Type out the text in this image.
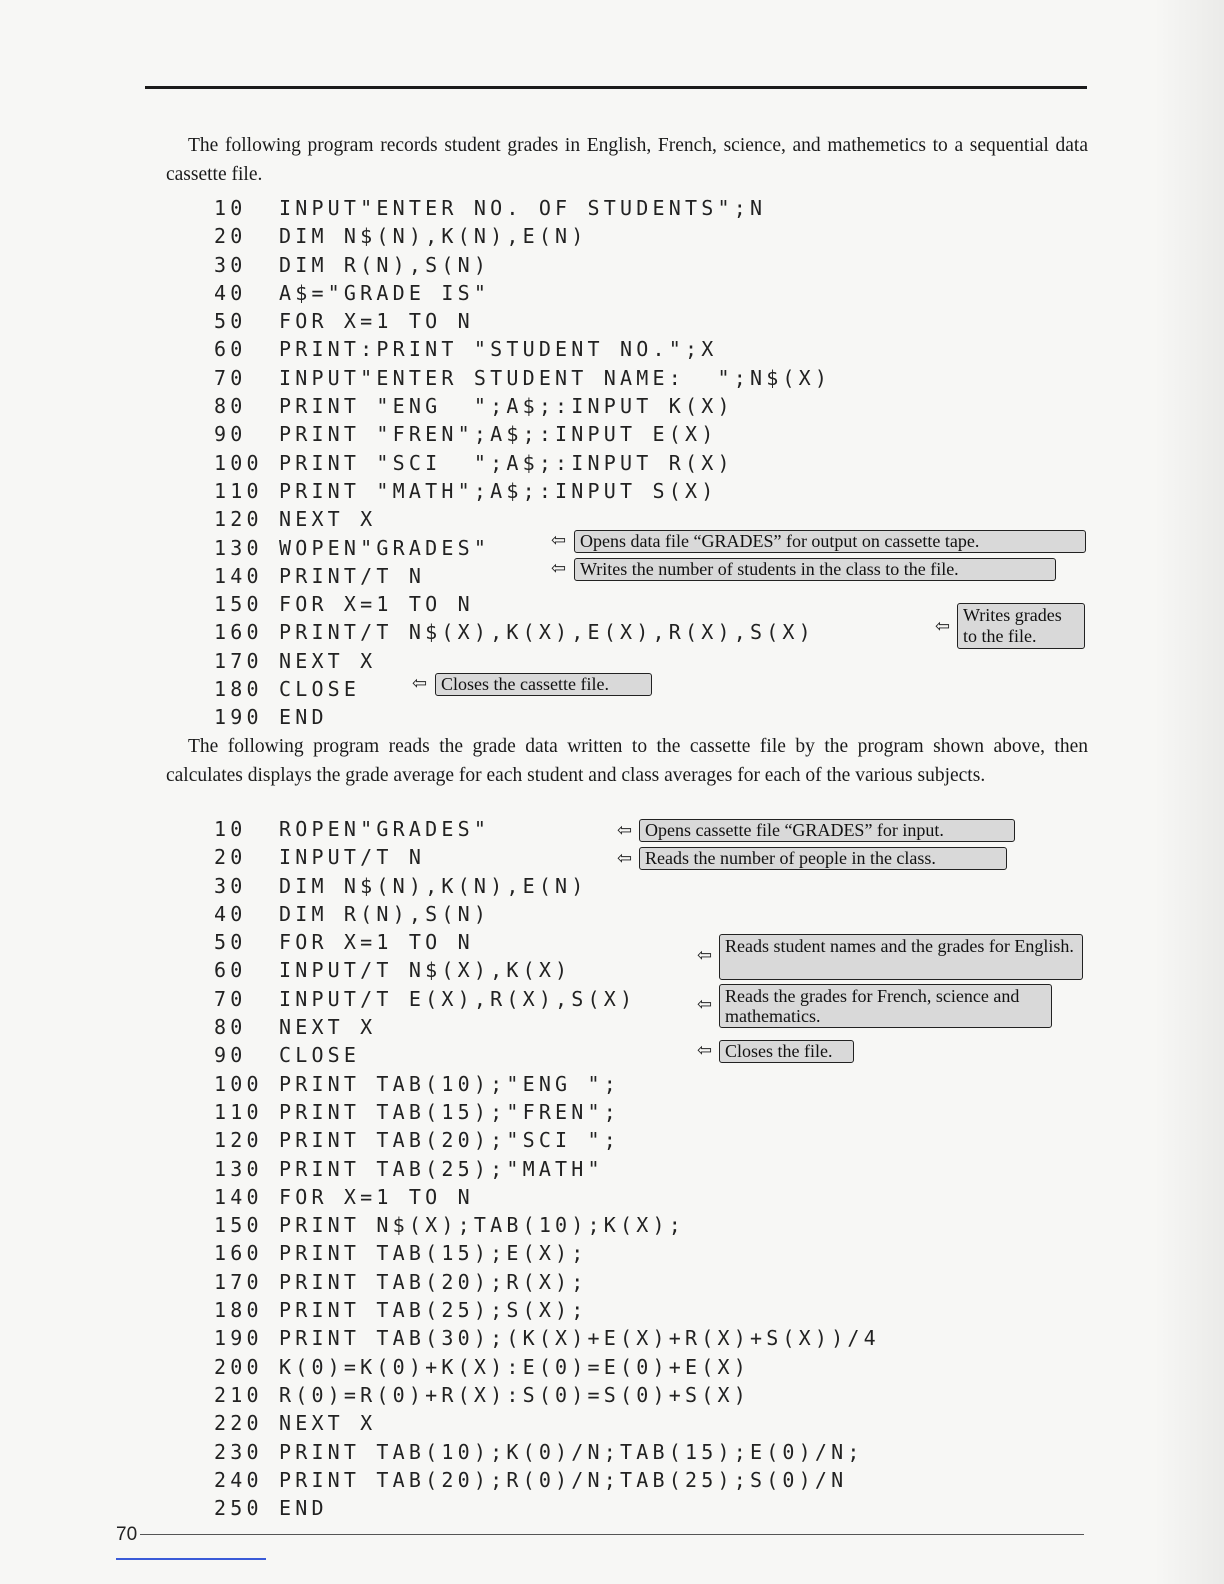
The following program records student grades in English, French, science, and mathemetics to a sequential data cassette file.
10  INPUT"ENTER NO. OF STUDENTS";N
20  DIM N$(N),K(N),E(N)
30  DIM R(N),S(N)
40  A$="GRADE IS"
50  FOR X=1 TO N
60  PRINT:PRINT "STUDENT NO.";X
70  INPUT"ENTER STUDENT NAME:  ";N$(X)
80  PRINT "ENG  ";A$;:INPUT K(X)
90  PRINT "FREN";A$;:INPUT E(X)
100 PRINT "SCI  ";A$;:INPUT R(X)
110 PRINT "MATH";A$;:INPUT S(X)
120 NEXT X
130 WOPEN"GRADES"
140 PRINT/T N
150 FOR X=1 TO N
160 PRINT/T N$(X),K(X),E(X),R(X),S(X)
170 NEXT X
180 CLOSE
190 END
⇦ Opens data file “GRADES” for output on cassette tape.
⇦ Writes the number of students in the class to the file.
⇦
Writes grades to the file.
⇦ Closes the cassette file.
The following program reads the grade data written to the cassette file by the program shown above, then calculates displays the grade average for each student and class averages for each of the various subjects.
10  ROPEN"GRADES"
20  INPUT/T N
30  DIM N$(N),K(N),E(N)
40  DIM R(N),S(N)
50  FOR X=1 TO N
60  INPUT/T N$(X),K(X)
70  INPUT/T E(X),R(X),S(X)
80  NEXT X
90  CLOSE
100 PRINT TAB(10);"ENG ";
110 PRINT TAB(15);"FREN";
120 PRINT TAB(20);"SCI ";
130 PRINT TAB(25);"MATH"
140 FOR X=1 TO N
150 PRINT N$(X);TAB(10);K(X);
160 PRINT TAB(15);E(X);
170 PRINT TAB(20);R(X);
180 PRINT TAB(25);S(X);
190 PRINT TAB(30);(K(X)+E(X)+R(X)+S(X))/4
200 K(0)=K(0)+K(X):E(0)=E(0)+E(X)
210 R(0)=R(0)+R(X):S(0)=S(0)+S(X)
220 NEXT X
230 PRINT TAB(10);K(0)/N;TAB(15);E(0)/N;
240 PRINT TAB(20);R(0)/N;TAB(25);S(0)/N
250 END
⇦ Opens cassette file “GRADES” for input.
⇦ Reads the number of people in the class.
⇦ Reads student names and the grades for English.
⇦ Reads the grades for French, science and mathematics.
⇦ Closes the file.
70
